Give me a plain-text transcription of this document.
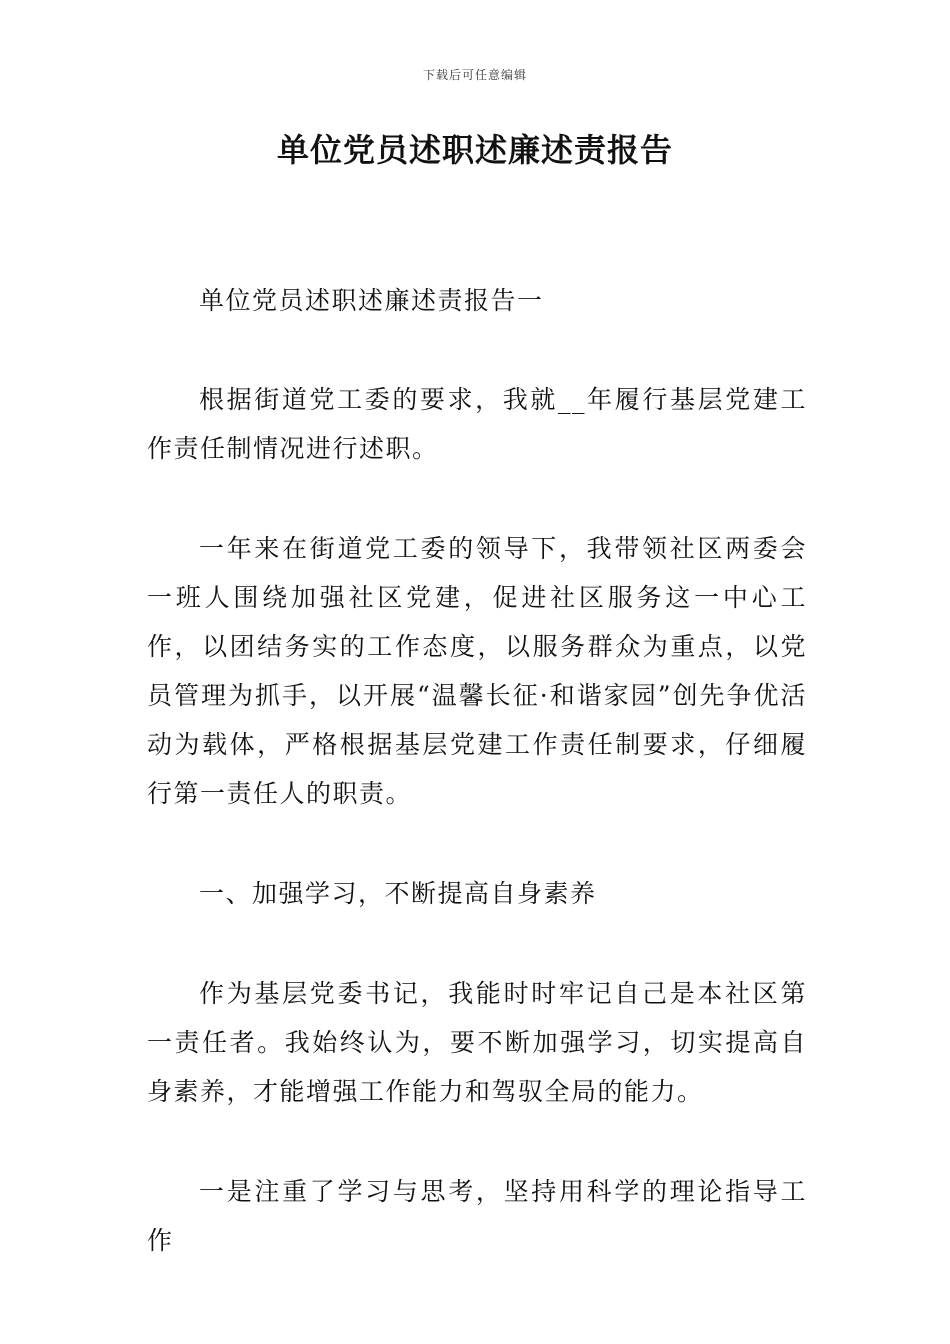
下载后可任意编辑
单位党员述职述廉述责报告

单位党员述职述廉述责报告一

根据街道党工委的要求，我就__年履行基层党建工作责任制情况进行述职。

一年来在街道党工委的领导下，我带领社区两委会一班人围绕加强社区党建，促进社区服务这一中心工作，以团结务实的工作态度，以服务群众为重点，以党员管理为抓手，以开展“温馨长征·和谐家园”创先争优活动为载体，严格根据基层党建工作责任制要求，仔细履行第一责任人的职责。

一、加强学习，不断提高自身素养

作为基层党委书记，我能时时牢记自己是本社区第一责任者。我始终认为，要不断加强学习，切实提高自身素养，才能增强工作能力和驾驭全局的能力。

一是注重了学习与思考，坚持用科学的理论指导工作
